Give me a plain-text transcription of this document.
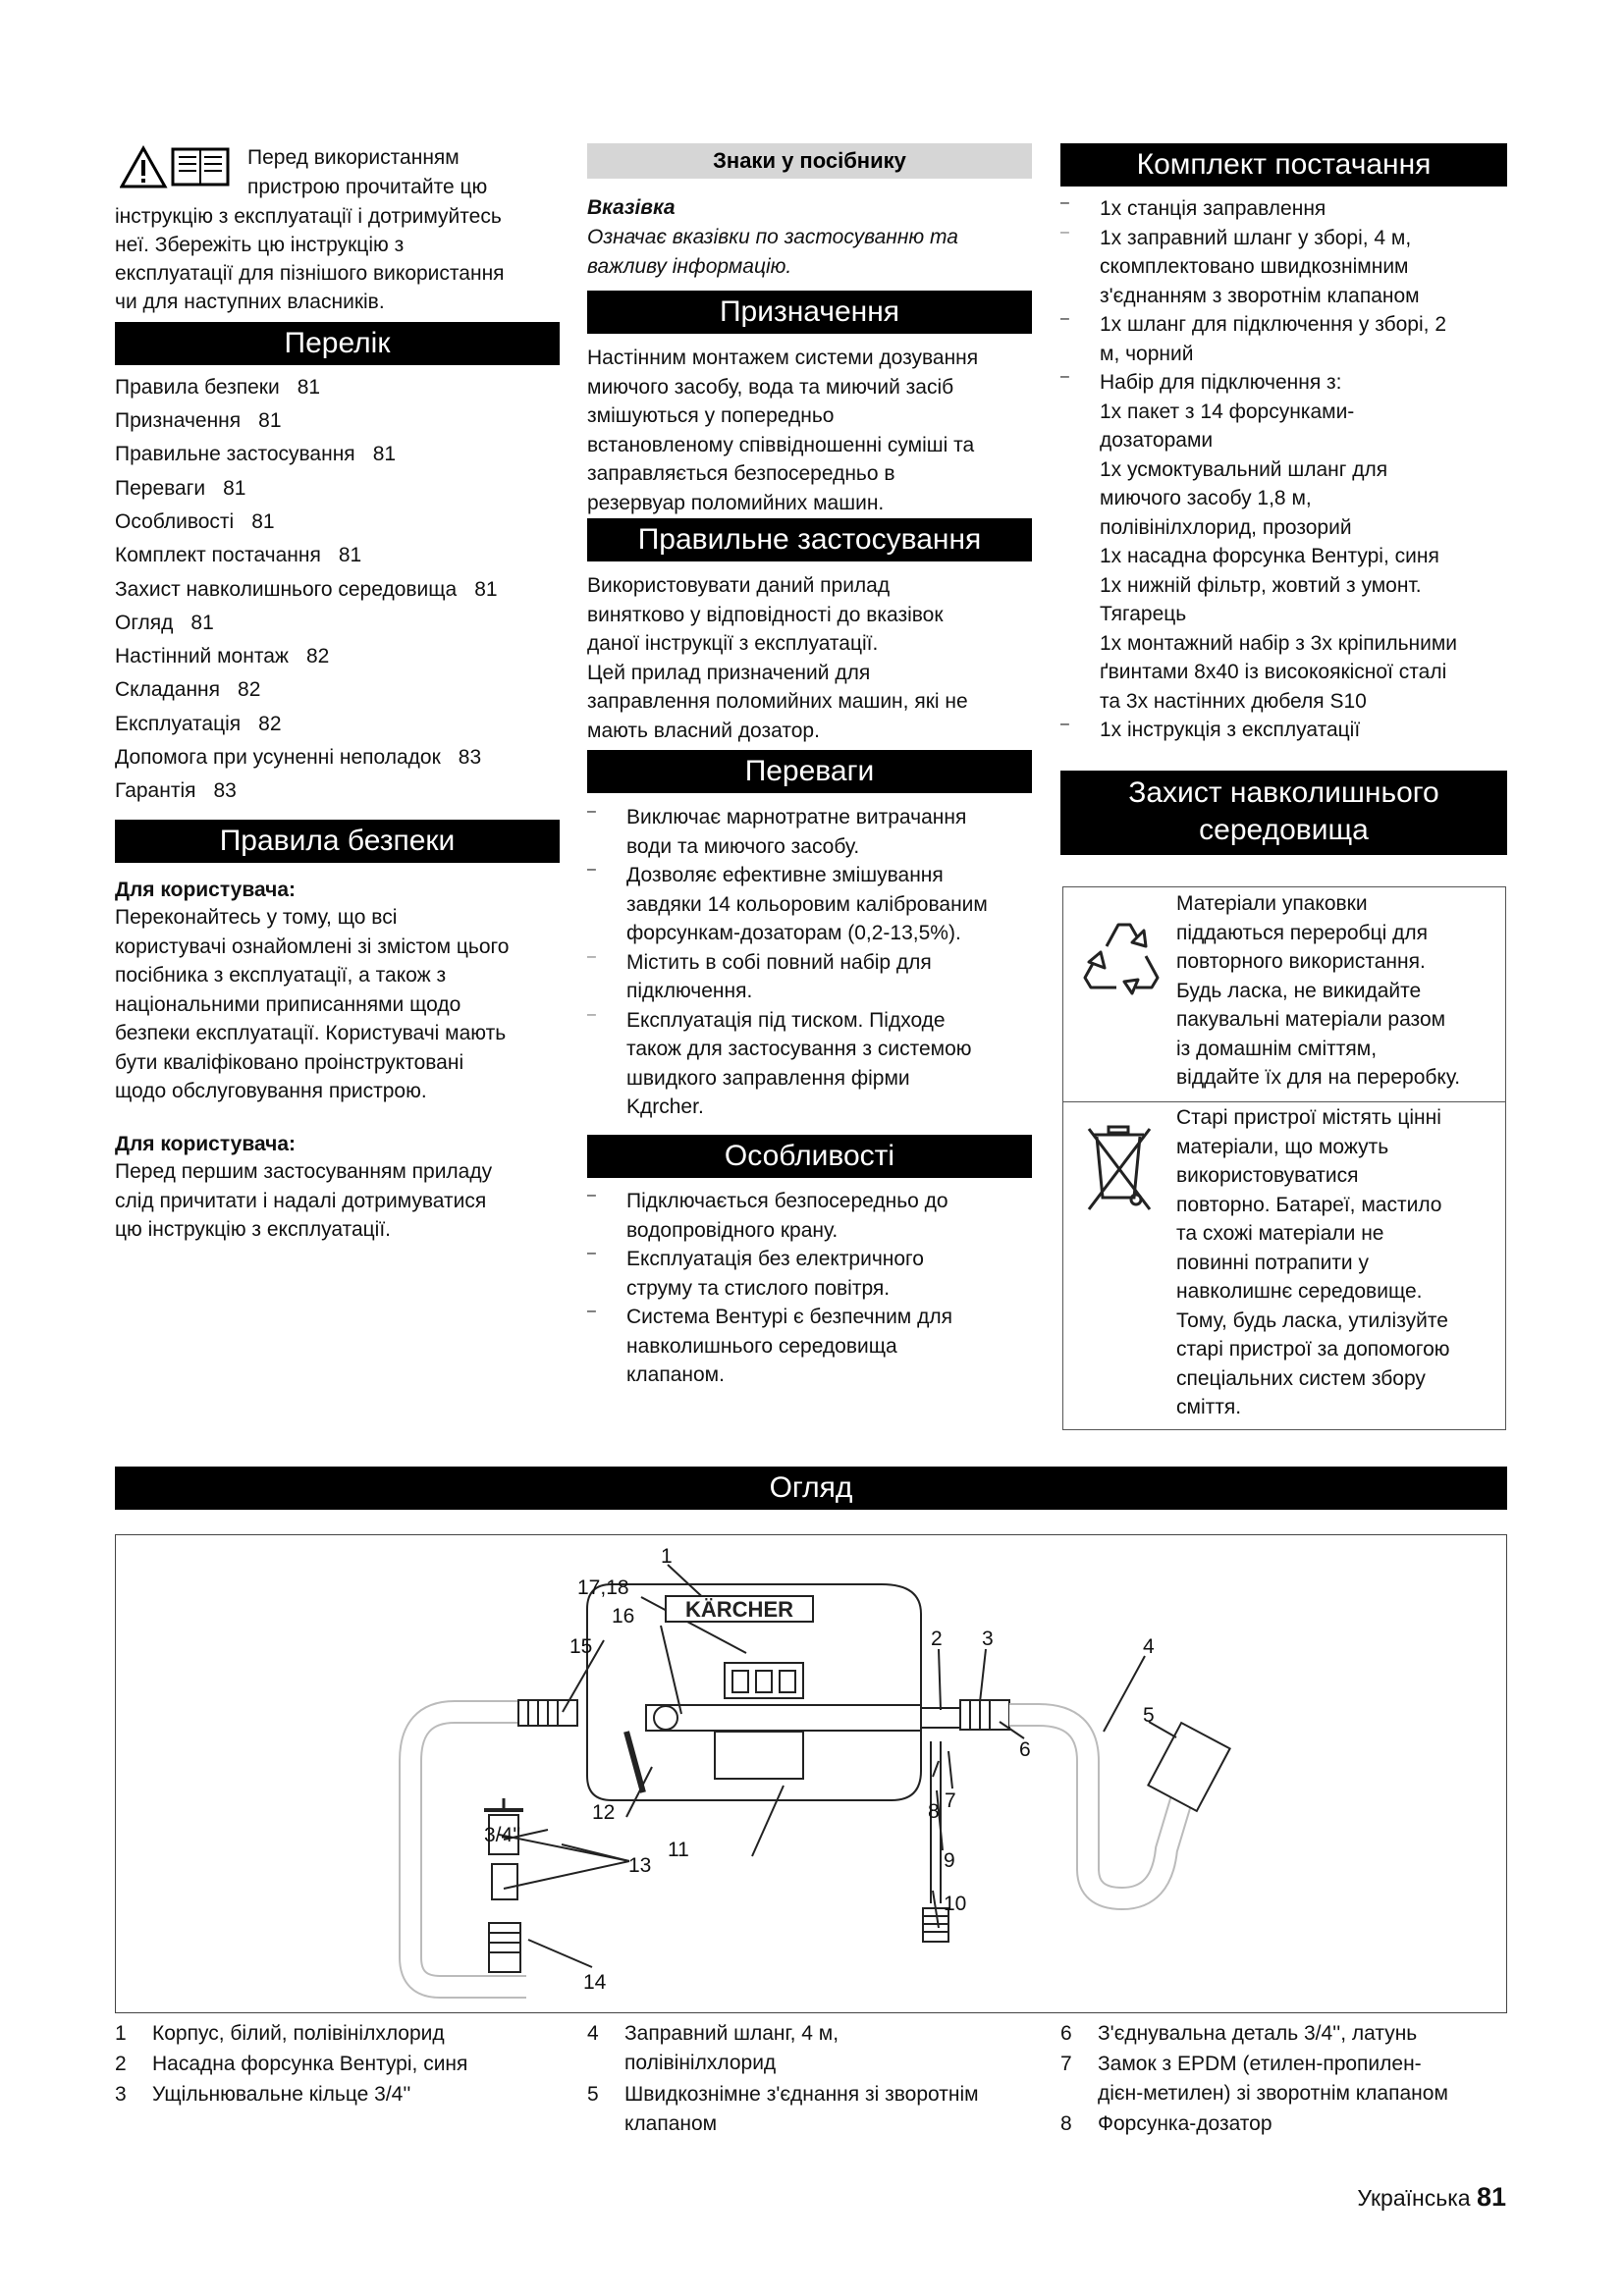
Перед використанням

пристрою прочитайте цю

інструкцію з експлуатації і дотримуйтесь

неї. Збережіть цю інструкцію з

експлуатації для пізнішого використання

чи для наступних власників.

Перелік
Правила безпеки 81
Призначення 81
Правильне застосування 81
Переваги 81
Особливості 81
Комплект постачання 81
Захист навколишнього середовища 81
Огляд 81
Настінний монтаж 82
Складання 82
Експлуатація 82
Допомога при усуненні неполадок 83
Гарантія 83
Правила безпеки
Для користувача:

Переконайтесь у тому, що всі

користувачі ознайомлені зі змістом цього

посібника з експлуатації, а також з

національними приписаннями щодо

безпеки експлуатації. Користувачі мають

бути кваліфіковано проінструктовані

щодо обслуговування пристрою.

Для користувача:

Перед першим застосуванням приладу

слід причитати і надалі дотримуватися

цю інструкцію з експлуатації.

Знаки у посібнику
Вказівка

Означає вказівки по застосуванню та

важливу інформацію.

Призначення

Настінним монтажем системи дозування

миючого засобу, вода та миючий засіб

змішуються у попередньо

встановленому співвідношенні суміші та

заправляється безпосередньо в

резервуар поломийних машин.

Правильне застосування

Використовувати даний прилад

винятково у відповідності до вказівок

даної інструкції з експлуатації.

Цей прилад призначений для

заправлення поломийних машин, які не

мають власний дозатор.

Переваги
– Виключає марнотратне витрачання

води та миючого засобу.

– Дозволяє ефективне змішування

завдяки 14 кольоровим каліброваним

форсункам-дозаторам (0,2-13,5%).

– Містить в собі повний набір для

підключення.

– Експлуатація під тиском. Підходе

також для застосування з системою

швидкого заправлення фірми

Kдrcher.

Особливості
– Підключається безпосередньо до

водопровідного крану.

– Експлуатація без електричного

струму та стислого повітря.

– Система Вентурі є безпечним для

навколишнього середовища

клапаном.

Комплект постачання
– 1х станція заправлення

– 1х заправний шланг у зборі, 4 м,

скомплектовано швидкознімним

з'єднанням з зворотнім клапаном

– 1х шланг для підключення у зборі, 2

м, чорний

– Набір для підключення з:

1х пакет з 14 форсунками-

дозаторами

1х усмоктувальний шланг для

миючого засобу 1,8 м,

полівінілхлорид, прозорий

1х насадна форсунка Вентурі, синя

1х нижній фільтр, жовтий з умонт.

Тягарець

1х монтажний набір з 3х кріпильними

ґвинтами 8х40 із високоякісної сталі

та 3х настінних дюбеля S10

– 1х інструкція з експлуатації

Захист навколишнього
середовища

Матеріали упаковки

піддаються переробці для

повторного використання.

Будь ласка, не викидайте

пакувальні матеріали разом

із домашнім сміттям,

віддайте їх для на переробку.

Старі пристрої містять цінні

матеріали, що можуть

використовуватися

повторно. Батареї, мастило

та схожі матеріали не

повинні потрапити у

навколишнє середовище.

Тому, будь ласка, утилізуйте

старі пристрої за допомогою

спеціальних систем збору

сміття.

Огляд
KÄRCHER
1
17,18
16
15	2 3	4
5
6
7
8
9
10
11
12
13
14
3/4''
1 Корпус, білий, полівінілхлорид
2 Насадна форсунка Вентурі, синя
3 Ущільнювальне кільце 3/4''
4 Заправний шланг, 4 м,
полівінілхлорид
5 Швидкознімне з'єднання зі зворотнім
клапаном
6 З'єднувальна деталь 3/4'', латунь
7 Замок з EPDM (етилен-пропилен-
дієн-метилен) зі зворотнім клапаном
8 Форсунка-дозатор
Українська 81
